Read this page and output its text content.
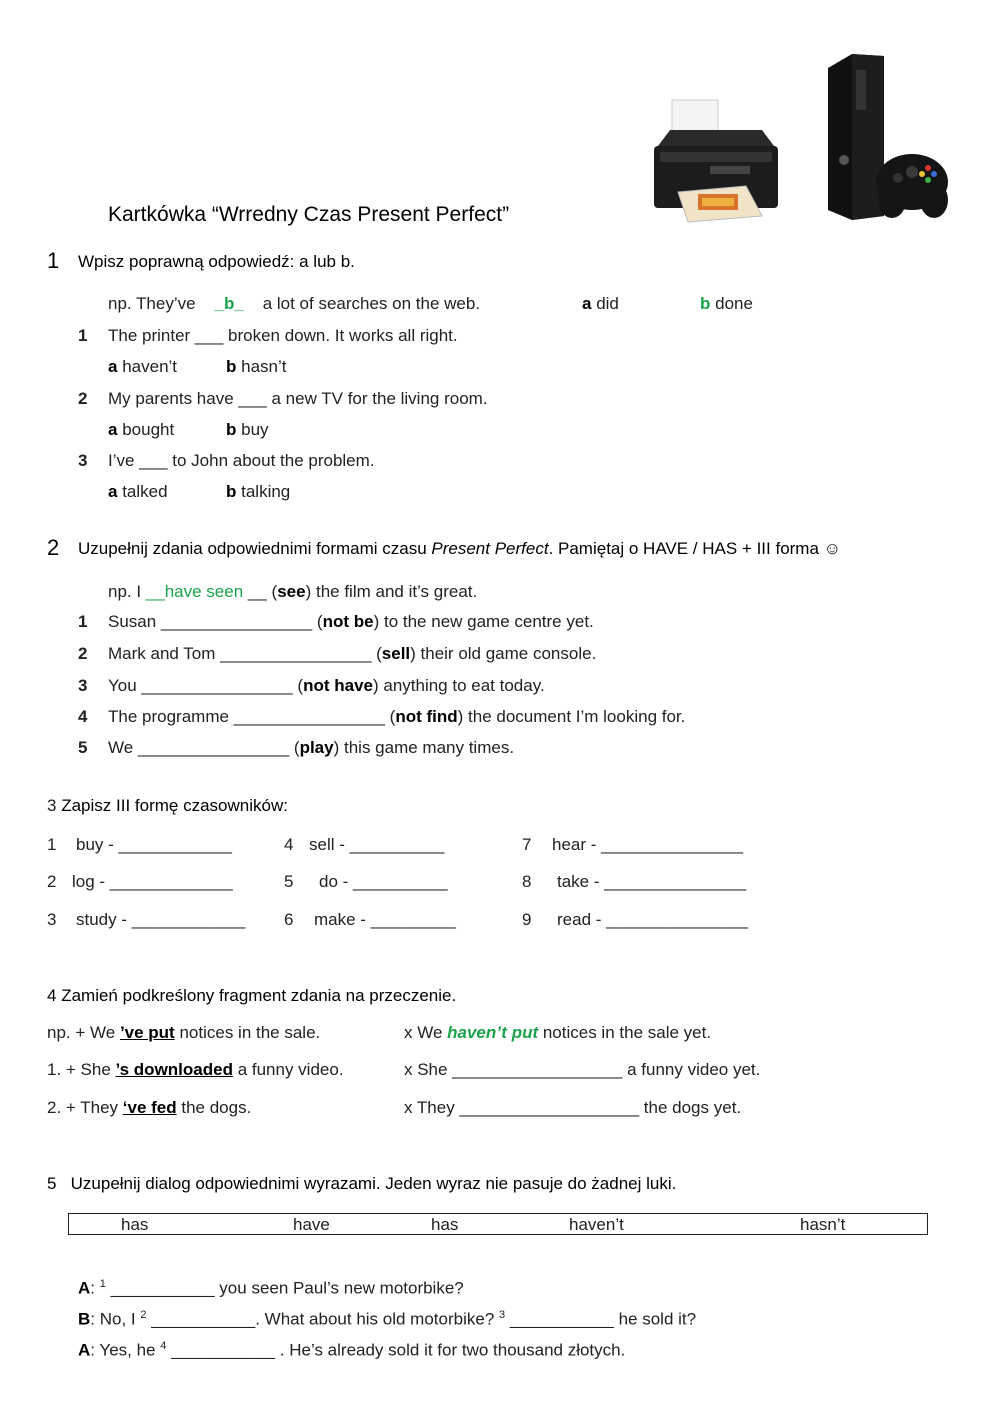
Kartkówka “Wrredny Czas Present Perfect”
1 Wpisz poprawną odpowiedź: a lub b.
np. They’ve _b_ a lot of searches on the web.	a did	b done
1 The printer ___ broken down. It works all right.
a haven’t	b hasn’t
2 My parents have ___ a new TV for the living room.
a bought	b buy
3 I’ve ___ to John about the problem.
a talked	b talking
2 Uzupełnij zdania odpowiednimi formami czasu Present Perfect. Pamiętaj o HAVE / HAS + III forma ☺
np. I __have seen __ (see) the film and it’s great.
1 Susan ________________ (not be) to the new game centre yet.
2 Mark and Tom ________________ (sell) their old game console.
3 You ________________ (not have) anything to eat today.
4 The programme ________________ (not find) the document I’m looking for.
5 We ________________ (play) this game many times.
3 Zapisz III formę czasowników:
1 buy - ____________
2 log - _____________
3 study - ____________
4 sell - __________
5 do - __________
6 make - _________
7 hear - _______________
8 take - _______________
9 read - _______________
4 Zamień podkreślony fragment zdania na przeczenie.
np. + We ’ve put notices in the sale.	x We haven’t put notices in the sale yet.
1. + She ’s downloaded a funny video.	x She __________________ a funny video yet.
2. + They ‘ve fed the dogs.	x They ___________________ the dogs yet.
5 Uzupełnij dialog odpowiednimi wyrazami. Jeden wyraz nie pasuje do żadnej luki.
has	have	has	haven’t	hasn’t
A: $^1$ ___________ you seen Paul’s new motorbike?
B: No, I $^2$ ___________. What about his old motorbike? $^3$ ___________ he sold it?
A: Yes, he $^4$ ___________ . He’s already sold it for two thousand złotych.
